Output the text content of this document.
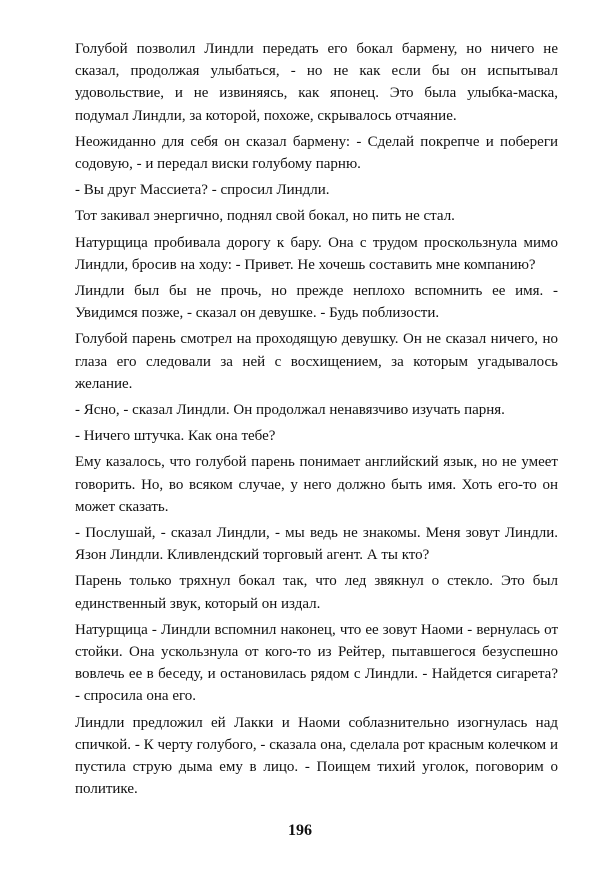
Голубой позволил Линдли передать его бокал бармену, но ничего не сказал, продолжая улыбаться, - но не как если бы он испытывал удовольствие, и не извиняясь, как японец. Это была улыбка-маска, подумал Линдли, за которой, похоже, скрывалось отчаяние.

Неожиданно для себя он сказал бармену: - Сделай покрепче и побереги содовую, - и передал виски голубому парню.

- Вы друг Массиета? - спросил Линдли.

Тот закивал энергично, поднял свой бокал, но пить не стал.

Натурщица пробивала дорогу к бару. Она с трудом проскользнула мимо Линдли, бросив на ходу: - Привет. Не хочешь составить мне компанию?

Линдли был бы не прочь, но прежде неплохо вспомнить ее имя. - Увидимся позже, - сказал он девушке. - Будь поблизости.

Голубой парень смотрел на проходящую девушку. Он не сказал ничего, но глаза его следовали за ней с восхищением, за которым угадывалось желание.

- Ясно, - сказал Линдли. Он продолжал ненавязчиво изучать парня.

- Ничего штучка. Как она тебе?

Ему казалось, что голубой парень понимает английский язык, но не умеет говорить. Но, во всяком случае, у него должно быть имя. Хоть его-то он может сказать.

- Послушай, - сказал Линдли, - мы ведь не знакомы. Меня зовут Линдли. Язон Линдли. Кливлендский торговый агент. А ты кто?

Парень только тряхнул бокал так, что лед звякнул о стекло. Это был единственный звук, который он издал.

Натурщица - Линдли вспомнил наконец, что ее зовут Наоми - вернулась от стойки. Она ускользнула от кого-то из Рейтер, пытавшегося безуспешно вовлечь ее в беседу, и остановилась рядом с Линдли. - Найдется сигарета? - спросила она его.

Линдли предложил ей Лакки и Наоми соблазнительно изогнулась над спичкой. - К черту голубого, - сказала она, сделала рот красным колечком и пустила струю дыма ему в лицо. - Поищем тихий уголок, поговорим о политике.

196
